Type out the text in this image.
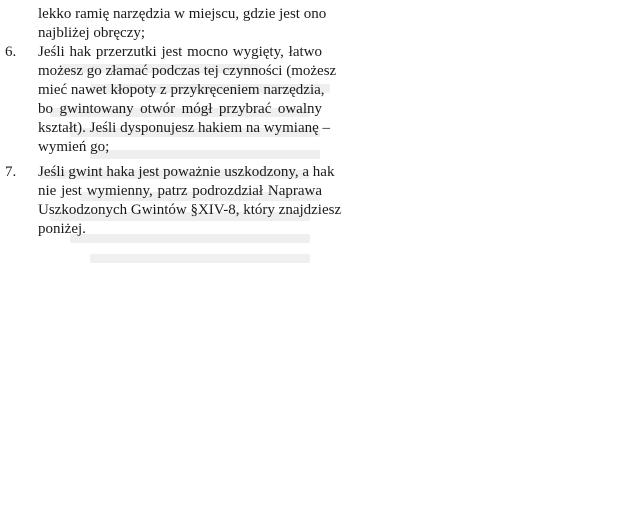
lekko ramię narzędzia w miejscu, gdzie jest ono
najbliżej obręczy;
6.	Jeśli hak przerzutki jest mocno wygięty, łatwo
możesz go złamać podczas tej czynności (możesz
mieć nawet kłopoty z przykręceniem narzędzia,
bo gwintowany otwór mógł przybrać owalny
kształt). Jeśli dysponujesz hakiem na wymianę –
wymień go;
7.	Jeśli gwint haka jest poważnie uszkodzony, a hak
nie jest wymienny, patrz podrozdział Naprawa
Uszkodzonych Gwintów §XIV-8, który znajdziesz
poniżej.
